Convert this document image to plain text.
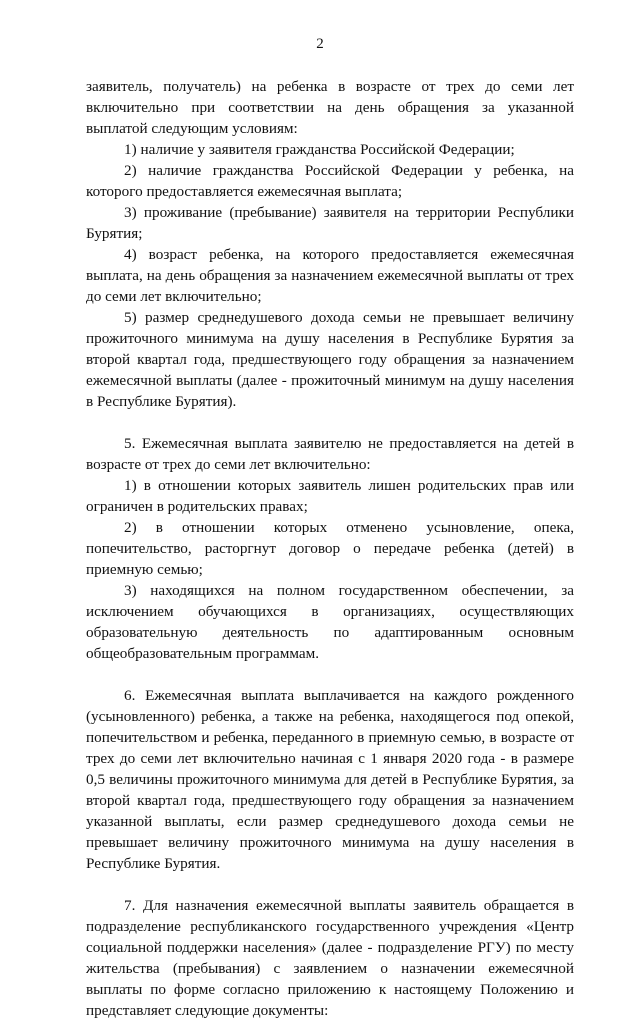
2

заявитель, получатель) на ребенка в возрасте от трех до семи лет включительно при соответствии на день обращения за указанной выплатой следующим условиям:

1) наличие у заявителя гражданства Российской Федерации;

2) наличие гражданства Российской Федерации у ребенка, на которого предоставляется ежемесячная выплата;

3) проживание (пребывание) заявителя на территории Республики Бурятия;

4) возраст ребенка, на которого предоставляется ежемесячная выплата, на день обращения за назначением ежемесячной выплаты от трех до семи лет включительно;

5) размер среднедушевого дохода семьи не превышает величину прожиточного минимума на душу населения в Республике Бурятия за второй квартал года, предшествующего году обращения за назначением ежемесячной выплаты (далее - прожиточный минимум на душу населения в Республике Бурятия).

5. Ежемесячная выплата заявителю не предоставляется на детей в возрасте от трех до семи лет включительно:

1) в отношении которых заявитель лишен родительских прав или ограничен в родительских правах;

2) в отношении которых отменено усыновление, опека, попечительство, расторгнут договор о передаче ребенка (детей) в приемную семью;

3) находящихся на полном государственном обеспечении, за исключением обучающихся в организациях, осуществляющих образовательную деятельность по адаптированным основным общеобразовательным программам.

6. Ежемесячная выплата выплачивается на каждого рожденного (усыновленного) ребенка, а также на ребенка, находящегося под опекой, попечительством и ребенка, переданного в приемную семью, в возрасте от трех до семи лет включительно начиная с 1 января 2020 года - в размере 0,5 величины прожиточного минимума для детей в Республике Бурятия, за второй квартал года, предшествующего году обращения за назначением указанной выплаты, если размер среднедушевого дохода семьи не превышает величину прожиточного минимума на душу населения в Республике Бурятия.

7. Для назначения ежемесячной выплаты заявитель обращается в подразделение республиканского государственного учреждения «Центр социальной поддержки населения» (далее - подразделение РГУ) по месту жительства (пребывания) с заявлением о назначении ежемесячной выплаты по форме согласно приложению к настоящему Положению и представляет следующие документы:
